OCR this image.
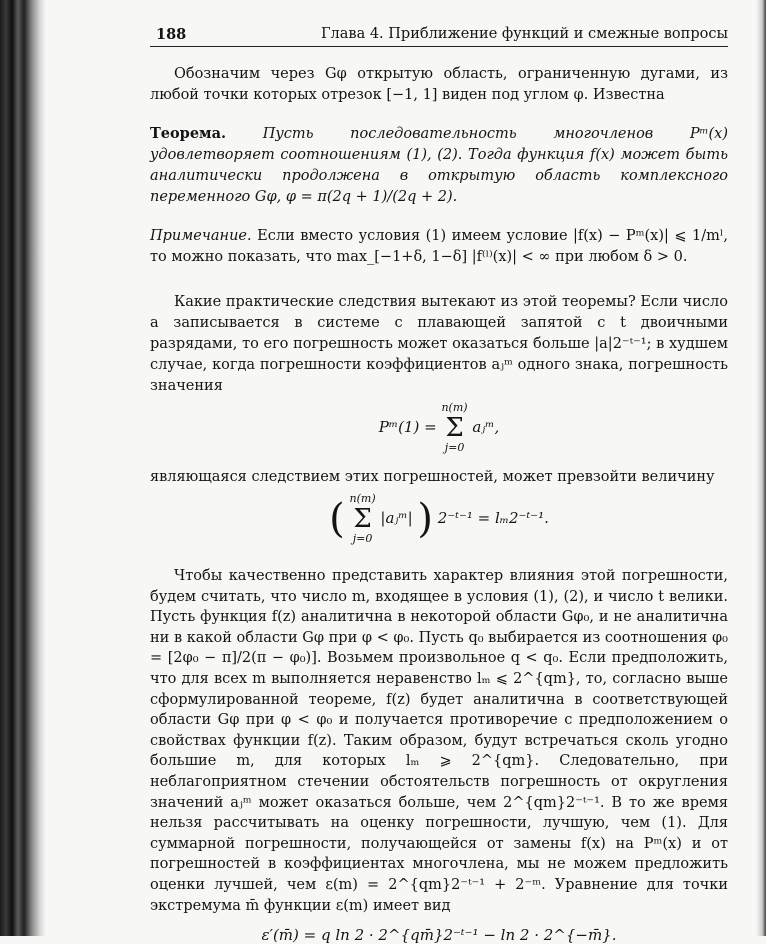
188	Глава 4. Приближение функций и смежные вопросы

Обозначим через Gφ открытую область, ограниченную дугами, из любой точки которых отрезок [−1, 1] виден под углом φ. Известна

Теорема.	Пусть последовательность многочленов Pᵐ(x) удовлетворяет соотношениям (1), (2). Тогда функция f(x) может быть аналитически продолжена в открытую область комплексного переменного Gφ, φ = π(2q + 1)/(2q + 2).
Примечание. Если вместо условия (1) имеем условие |f(x) − Pᵐ(x)| ⩽ 1/mˡ, то можно показать, что max_[−1+δ, 1−δ] |f⁽ˡ⁾(x)| < ∞ при любом δ > 0.

Какие практические следствия вытекают из этой теоремы? Если число a записывается в системе с плавающей запятой с t двоичными разрядами, то его погрешность может оказаться больше |a|2⁻ᵗ⁻¹; в худшем случае, когда погрешности коэффициентов aⱼᵐ одного знака, погрешность значения

Pᵐ(1) = n(m)
Σ
j=0 aⱼᵐ,

являющаяся следствием этих погрешностей, может превзойти величину

( n(m)
Σ
j=0 |aⱼᵐ| ) 2⁻ᵗ⁻¹ = lₘ2⁻ᵗ⁻¹.

Чтобы качественно представить характер влияния этой погрешности, будем считать, что число m, входящее в условия (1), (2), и число t велики. Пусть функция f(z) аналитична в некоторой области Gφ₀, и не аналитична ни в какой области Gφ при φ < φ₀. Пусть q₀ выбирается из соотношения φ₀ = [2φ₀ − π]/2(π − φ₀)]. Возьмем произвольное q < q₀. Если предположить, что для всех m выполняется неравенство lₘ ⩽ 2^{qm}, то, согласно выше сформулированной теореме, f(z) будет аналитична в соответствующей области Gφ при φ < φ₀ и получается противоречие с предположением о свойствах функции f(z). Таким образом, будут встречаться сколь угодно большие m, для которых lₘ ⩾ 2^{qm}. Следовательно, при неблагоприятном стечении обстоятельств погрешность от округления значений aⱼᵐ может оказаться больше, чем 2^{qm}2⁻ᵗ⁻¹. В то же время нельзя рассчитывать на оценку погрешности, лучшую, чем (1). Для суммарной погрешности, получающейся от замены f(x) на Pᵐ(x) и от погрешностей в коэффициентах многочлена, мы не можем предложить оценки лучшей, чем ε(m) = 2^{qm}2⁻ᵗ⁻¹ + 2⁻ᵐ. Уравнение для точки экстремума m̄ функции ε(m) имеет вид

ε′(m̄) = q ln 2 · 2^{qm̄}2⁻ᵗ⁻¹ − ln 2 · 2^{−m̄}.
